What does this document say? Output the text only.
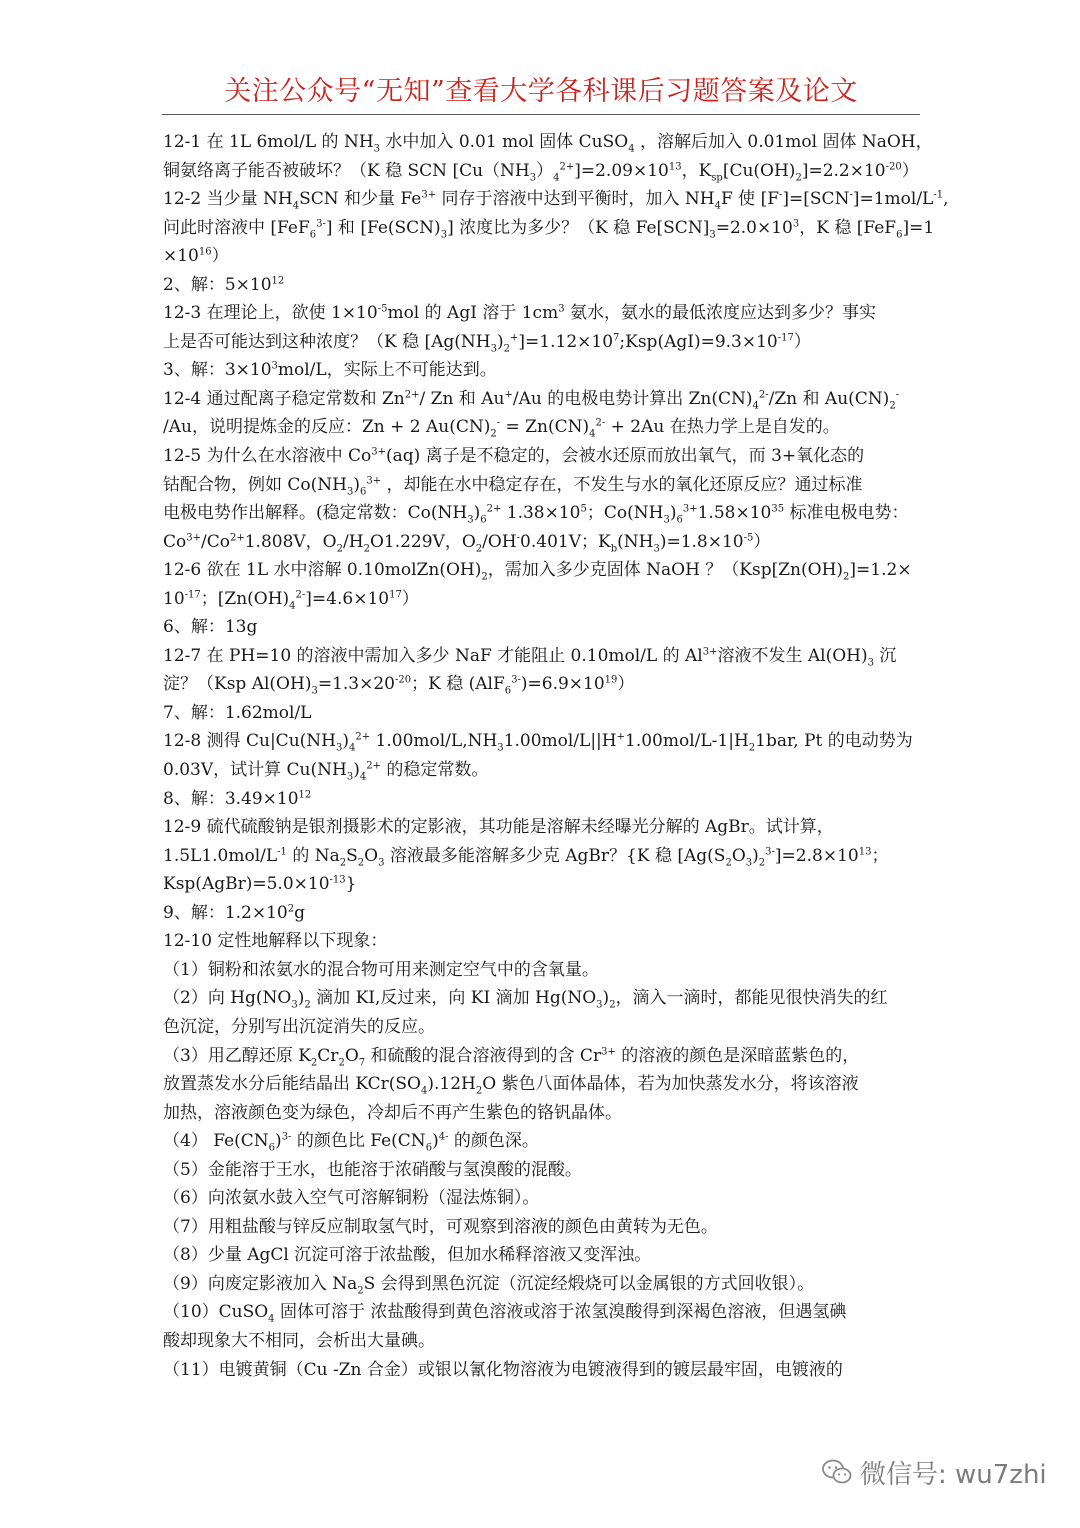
关注公众号“无知”查看大学各科课后习题答案及论文
12-1 在 1L 6mol/L 的 $NH_3$ 水中加入 0.01 mol 固体 CuSO$_4$ ，溶解后加入 0.01mol 固体 NaOH，
铜氨络离子能否被破坏？（K 稳 SCN $[Cu(NH_3)_4^{2+}]=2.09\times 10^{13}$，$K_{sp}[Cu(OH)_2]=2.2\times 10^{-20}$）
12-2 当少量 $NH_4SCN$ 和少量 $Fe^{3+}$ 同存于溶液中达到平衡时，加入 $NH_4F$ 使 $[F^-]=[SCN^-]=1mol/L^{-1}$,
问此时溶液中 [FeF$_6^{3-}$] 和 $[Fe(SCN)_3]$ 浓度比为多少？（K 稳 $Fe[SCN]_3=2.0\times 10^3$，K 稳 [FeF$_6$]=1
$\times 10^{16}$）
2、解：$5\times 10^{12}$
12-3 在理论上，欲使 $1\times 10^{-5}mol$ 的 AgI 溶于 $1cm^3$ 氨水，氨水的最低浓度应达到多少？事实
上是否可能达到这种浓度？（K 稳 $[Ag(NH_3)_2^+]=1.12\times 10^7;Ksp(AgI)=9.3\times 10^{-17}$）
3、解：$3\times 10^3mol/L$，实际上不可能达到。
12-4 通过配离子稳定常数和 $Zn^{2+}/$ Zn 和 Au+/Au 的电极电势计算出 $Zn(CN)_4^{2-}/Zn$ 和 $Au(CN)_2^-$
/Au，说明提炼金的反应：Zn + 2 $Au(CN)_2^- = Zn(CN)_4^{2-} + 2Au$ 在热力学上是自发的。
12-5 为什么在水溶液中 $Co^{3+}(aq)$ 离子是不稳定的，会被水还原而放出氧气，而 3+氧化态的
钴配合物，例如 $Co(NH_3)_6^{3+}$ ，却能在水中稳定存在，不发生与水的氧化还原反应？通过标准
电极电势作出解释。(稳定常数：$Co(NH_3)_6^{2+}$ $1.38\times 10^5$；$Co(NH_3)_6^{3+}1.58\times 10^{35}$ 标准电极电势：
$Co^{3+}/Co^{2+}1.808V$，$O_2/H_2O1.229V$，$O_2/OH^-0.401V$；$K_b(NH_3)=1.8\times 10^{-5}$）
12-6 欲在 1L 水中溶解 $0.10molZn(OH)_2$，需加入多少克固体 NaOH ？（$Ksp[Zn(OH)_2]=1.2\times$
$10^{-17}$；$[Zn(OH)_4^{2-}]=4.6\times 10^{17}$）
6、解：13g
12-7 在 PH=10 的溶液中需加入多少 NaF 才能阻止 0.10mol/L 的 $Al^{3+}$溶液不发生 $Al(OH)_3$ 沉
淀？（Ksp $Al(OH)_3=1.3\times 20^{-20}$；K 稳 $(AlF_6^{3-})=6.9\times 10^{19}$）
7、解：1.62mol/L
12-8 测得 $Cu|Cu(NH_3)_4^{2+}$ $1.00mol/L,NH_31.00mol/L||H^+1.00mol/L-1|H_21bar$, Pt 的电动势为
0.03V，试计算 $Cu(NH_3)_4^{2+}$ 的稳定常数。
8、解：$3.49\times 10^{12}$
12-9 硫代硫酸钠是银剂摄影术的定影液，其功能是溶解未经曝光分解的 AgBr。试计算，
$1.5L1.0mol/L^{-1}$ 的 $Na_2S_2O_3$ 溶液最多能溶解多少克 AgBr？{K 稳 $[Ag(S_2O_3)_2^{3-}]=2.8\times 10^{13}$；
$Ksp(AgBr)=5.0\times 10^{-13}$}
9、解：$1.2\times 10^2g$
12-10 定性地解释以下现象：
（1）铜粉和浓氨水的混合物可用来测定空气中的含氧量。
（2）向 $Hg(NO_3)_2$ 滴加 KI,反过来，向 KI 滴加 $Hg(NO_3)_2$，滴入一滴时，都能见很快消失的红
色沉淀，分别写出沉淀消失的反应。
（3）用乙醇还原 $K_2Cr_2O_7$ 和硫酸的混合溶液得到的含 $Cr^{3+}$ 的溶液的颜色是深暗蓝紫色的，
放置蒸发水分后能结晶出 $KCr(SO_4).12H_2O$ 紫色八面体晶体，若为加快蒸发水分，将该溶液
加热，溶液颜色变为绿色，冷却后不再产生紫色的铬钒晶体。
（4） $Fe(CN_6)^{3-}$ 的颜色比 $Fe(CN_6)^{4-}$ 的颜色深。
（5）金能溶于王水，也能溶于浓硝酸与氢溴酸的混酸。
（6）向浓氨水鼓入空气可溶解铜粉（湿法炼铜）。
（7）用粗盐酸与锌反应制取氢气时，可观察到溶液的颜色由黄转为无色。
（8）少量 AgCl 沉淀可溶于浓盐酸，但加水稀释溶液又变浑浊。
（9）向废定影液加入 $Na_2S$ 会得到黑色沉淀（沉淀经煅烧可以金属银的方式回收银）。
（10）CuSO$_4$ 固体可溶于 浓盐酸得到黄色溶液或溶于浓氢溴酸得到深褐色溶液，但遇氢碘
酸却现象大不相同，会析出大量碘。
（11）电镀黄铜（Cu -Zn 合金）或银以氰化物溶液为电镀液得到的镀层最牢固，电镀液的
微信号: wu7zhi
